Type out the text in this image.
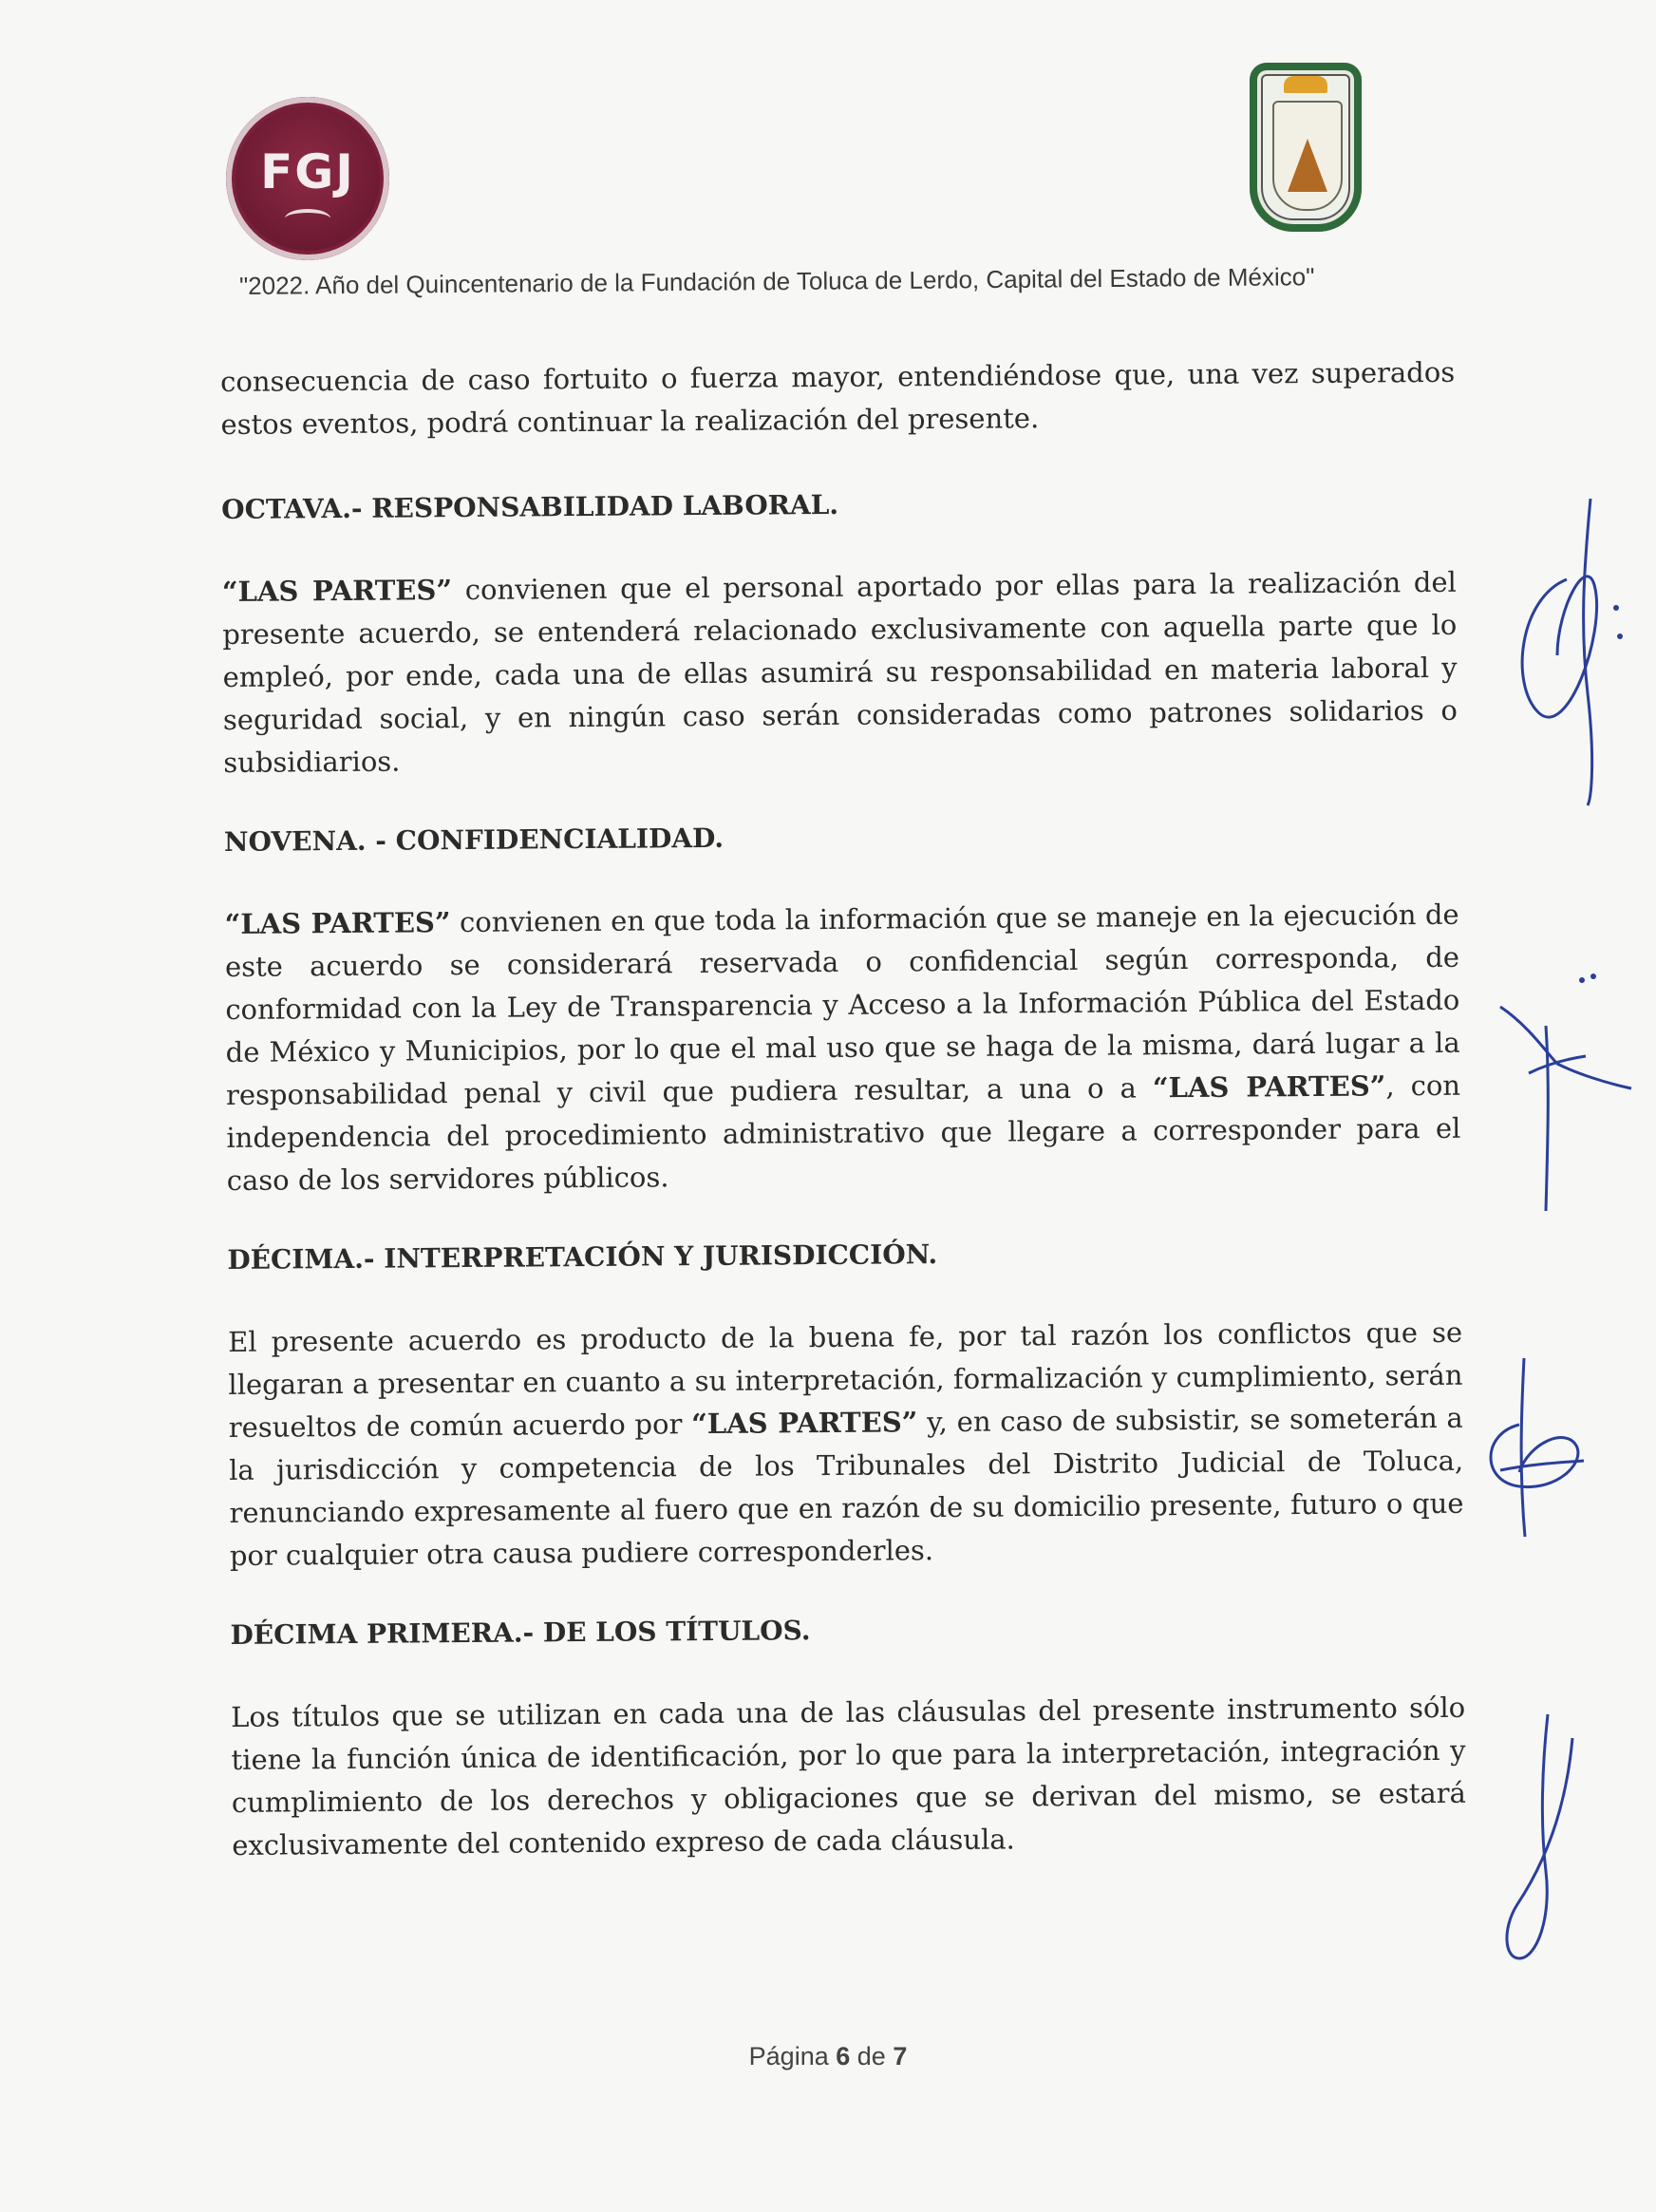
FGJ
"2022. Año del Quincentenario de la Fundación de Toluca de Lerdo, Capital del Estado de México"

consecuencia de caso fortuito o fuerza mayor, entendiéndose que, una vez superados estos eventos, podrá continuar la realización del presente.

OCTAVA.- RESPONSABILIDAD LABORAL.

“LAS PARTES” convienen que el personal aportado por ellas para la realización del presente acuerdo, se entenderá relacionado exclusivamente con aquella parte que lo empleó, por ende, cada una de ellas asumirá su responsabilidad en materia laboral y seguridad social, y en ningún caso serán consideradas como patrones solidarios o subsidiarios.

NOVENA. - CONFIDENCIALIDAD.

“LAS PARTES” convienen en que toda la información que se maneje en la ejecución de este acuerdo se considerará reservada o confidencial según corresponda, de conformidad con la Ley de Transparencia y Acceso a la Información Pública del Estado de México y Municipios, por lo que el mal uso que se haga de la misma, dará lugar a la responsabilidad penal y civil que pudiera resultar, a una o a “LAS PARTES”, con independencia del procedimiento administrativo que llegare a corresponder para el caso de los servidores públicos.

DÉCIMA.- INTERPRETACIÓN Y JURISDICCIÓN.

El presente acuerdo es producto de la buena fe, por tal razón los conflictos que se llegaran a presentar en cuanto a su interpretación, formalización y cumplimiento, serán resueltos de común acuerdo por “LAS PARTES” y, en caso de subsistir, se someterán a la jurisdicción y competencia de los Tribunales del Distrito Judicial de Toluca, renunciando expresamente al fuero que en razón de su domicilio presente, futuro o que por cualquier otra causa pudiere corresponderles.

DÉCIMA PRIMERA.- DE LOS TÍTULOS.

Los títulos que se utilizan en cada una de las cláusulas del presente instrumento sólo tiene la función única de identificación, por lo que para la interpretación, integración y cumplimiento de los derechos y obligaciones que se derivan del mismo, se estará exclusivamente del contenido expreso de cada cláusula.

Página 6 de 7
